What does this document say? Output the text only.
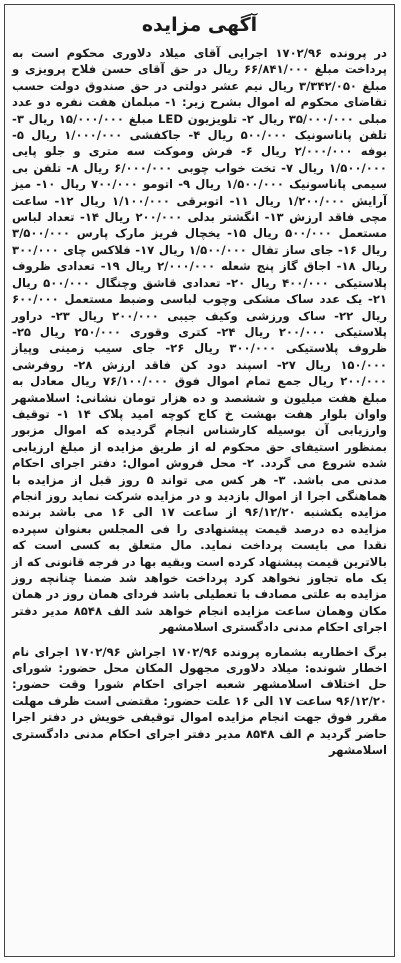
آگهی مزایده

در پرونده ۱۷۰۲/۹۶ اجرایی آقای میلاد دلاوری محکوم است به پرداخت مبلغ ۶۶/۸۴۱/۰۰۰ ریال در حق آقای حسن فلاح پرویزی و مبلغ ۳/۳۴۲/۰۵۰ ریال نیم عشر دولتی در حق صندوق دولت حسب تقاضای محکوم له اموال بشرح زیر: ۱- مبلمان هفت نفره دو عدد مبلی ۳۵/۰۰۰/۰۰۰ ریال ۲- تلویزیون LED مبلغ ۱۵/۰۰۰/۰۰۰ ریال ۳- تلفن پاناسونیک ۵۰۰/۰۰۰ ریال ۴- جاکفشی ۱/۰۰۰/۰۰۰ ریال ۵- بوفه ۲/۰۰۰/۰۰۰ ریال ۶- فرش وموکت سه متری و جلو پایی ۱/۵۰۰/۰۰۰ ریال ۷- تخت خواب چوبی ۶/۰۰۰/۰۰۰ ریال ۸- تلفن بی سیمی پاناسونیک ۱/۵۰۰/۰۰۰ ریال ۹- اتومو ۷۰۰/۰۰۰ ریال ۱۰- میز آرایش ۱/۲۰۰/۰۰۰ ریال ۱۱- اتوبرقی ۱/۱۰۰/۰۰۰ ریال ۱۲- ساعت مچی فاقد ارزش ۱۳- انگشتر بدلی ۲۰۰/۰۰۰ ریال ۱۴- تعداد لباس مستعمل ۵۰۰/۰۰۰ ریال ۱۵- یخچال فریز مارک پارس ۳/۵۰۰/۰۰۰ ریال ۱۶- جای ساز تفال ۱/۵۰۰/۰۰۰ ریال ۱۷- فلاکس چای ۳۰۰/۰۰۰ ریال ۱۸- اجاق گاز پنج شعله ۲/۰۰۰/۰۰۰ ریال ۱۹- تعدادی ظروف پلاستیکی ۴۰۰/۰۰۰ ریال ۲۰- تعدادی قاشق وچنگال ۵۰۰/۰۰۰ ریال ۲۱- یک عدد ساک مشکی وچوب لباسی وضبط مستعمل ۶۰۰/۰۰۰ ریال ۲۲- ساک ورزشی وکیف جیبی ۲۰۰/۰۰۰ ریال ۲۳- دراور پلاستیکی ۲۰۰/۰۰۰ ریال ۲۴- کتری وقوری ۲۵۰/۰۰۰ ریال ۲۵- ظروف پلاستیکی ۳۰۰/۰۰۰ ریال ۲۶- جای سیب زمینی وپیاز ۱۵۰/۰۰۰ ریال ۲۷- اسپند دود کن فاقد ارزش ۲۸- روفرشی ۲۰۰/۰۰۰ ریال جمع تمام اموال فوق ۷۶/۱۰۰/۰۰۰ ریال معادل به مبلغ هفت میلیون و ششصد و ده هزار تومان نشانی: اسلامشهر واوان بلوار هفت بهشت خ کاج کوچه امید پلاک ۱۴ ۱- توقیف وارزیابی آن بوسیله کارشناس انجام گردیده که اموال مزبور بمنظور استیفای حق محکوم له از طریق مزایده از مبلغ ارزیابی شده شروع می گردد. ۲- محل فروش اموال: دفتر اجرای احکام مدنی می باشد. ۳- هر کس می تواند ۵ روز قبل از مزایده با هماهنگی اجرا از اموال بازدید و در مزایده شرکت نماید روز انجام مزایده یکشنبه ۹۶/۱۲/۲۰ از ساعت ۱۷ الی ۱۶ می باشد برنده مزایده ده درصد قیمت پیشنهادی را فی المجلس بعنوان سپرده نقدا می بایست پرداخت نماید. مال متعلق به کسی است که بالاترین قیمت پیشنهاد کرده است وبقیه بها در فرجه قانونی که از یک ماه تجاوز نخواهد کرد پرداخت خواهد شد ضمنا چنانچه روز مزایده به علتی مصادف با تعطیلی باشد فردای همان روز در همان مکان وهمان ساعت مزایده انجام خواهد شد الف ۸۵۴۸ مدیر دفتر اجرای احکام مدنی دادگستری اسلامشهر

برگ اخطاریه بشماره پرونده ۱۷۰۲/۹۶ اجراش ۱۷۰۲/۹۶ اجرای نام اخطار شونده: میلاد دلاوری مجهول المکان محل حضور: شورای حل اختلاف اسلامشهر شعبه اجرای احکام شورا وقت حضور: ۹۶/۱۲/۲۰ ساعت ۱۷ الی ۱۶ علت حضور: مقتضی است ظرف مهلت مقرر فوق جهت انجام مزایده اموال توقیفی خویش در دفتر اجرا حاضر گردید م الف ۸۵۴۸ مدیر دفتر اجرای احکام مدنی دادگستری اسلامشهر
